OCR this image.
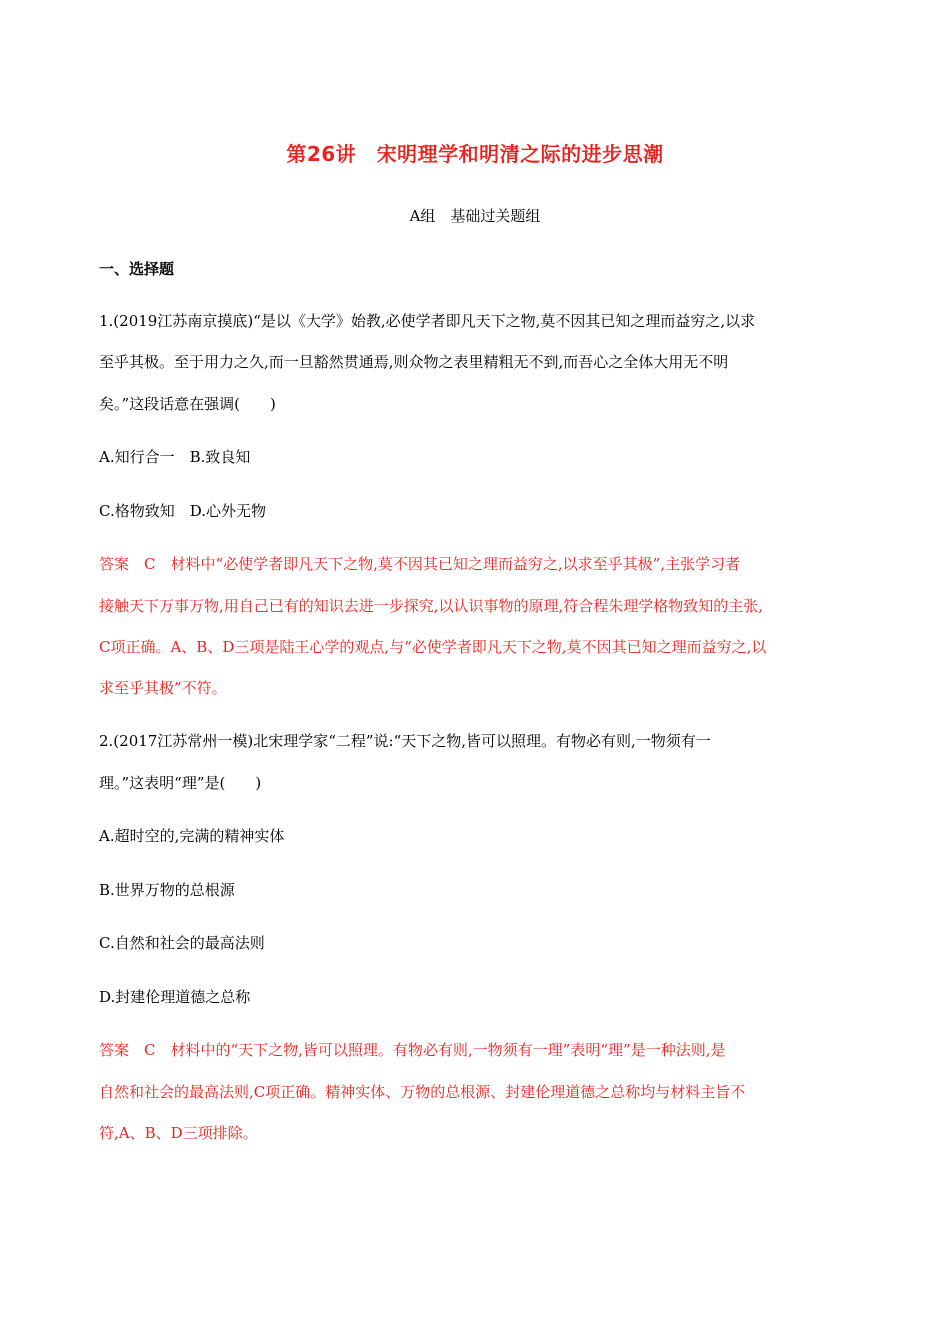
第26讲　宋明理学和明清之际的进步思潮
A组　基础过关题组
一、选择题
1.(2019江苏南京摸底)“是以《大学》始教,必使学者即凡天下之物,莫不因其已知之理而益穷之,以求
至乎其极。至于用力之久,而一旦豁然贯通焉,则众物之表里精粗无不到,而吾心之全体大用无不明
矣。”这段话意在强调(　　)
A.知行合一　B.致良知
C.格物致知　D.心外无物
答案　C　材料中“必使学者即凡天下之物,莫不因其已知之理而益穷之,以求至乎其极”,主张学习者
接触天下万事万物,用自己已有的知识去进一步探究,以认识事物的原理,符合程朱理学格物致知的主张,
C项正确。A、B、D三项是陆王心学的观点,与“必使学者即凡天下之物,莫不因其已知之理而益穷之,以
求至乎其极”不符。
2.(2017江苏常州一模)北宋理学家“二程”说:“天下之物,皆可以照理。有物必有则,一物须有一
理。”这表明“理”是(　　)
A.超时空的,完满的精神实体
B.世界万物的总根源
C.自然和社会的最高法则
D.封建伦理道德之总称
答案　C　材料中的“天下之物,皆可以照理。有物必有则,一物须有一理”表明“理”是一种法则,是
自然和社会的最高法则,C项正确。精神实体、万物的总根源、封建伦理道德之总称均与材料主旨不
符,A、B、D三项排除。
